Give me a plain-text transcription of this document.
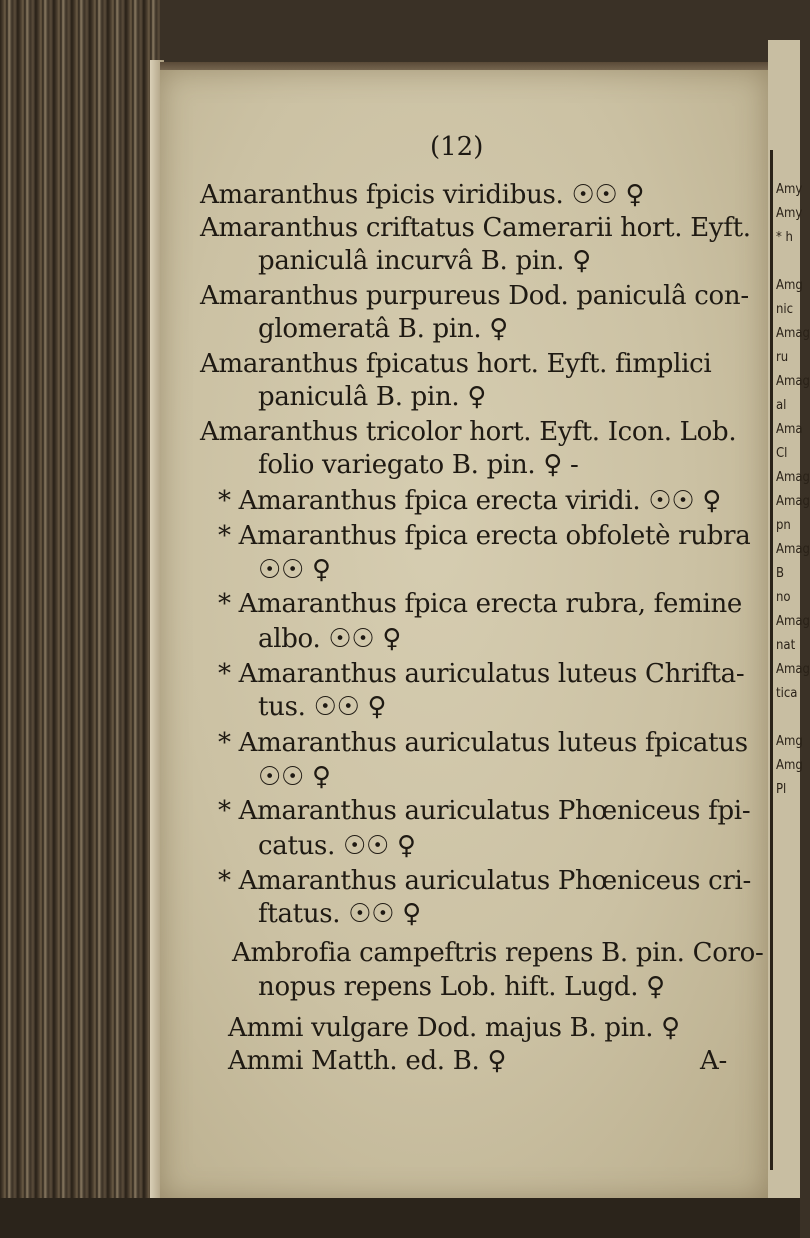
Amy
Amy
* h
Amg
nic
Amag
ru
Amag
al
Ama
Cl
Amag
Amag
pn
Amag
B
no
Amag
nat
Amag
tica
Amg
Amg
Pl
(12)
Amaranthus fpicis viridibus. ☉☉ ♀
Amaranthus criftatus Camerarii hort. Eyft.
paniculâ incurvâ B. pin. ♀
Amaranthus purpureus Dod. paniculâ con-
glomeratâ B. pin. ♀
Amaranthus fpicatus hort. Eyft. fimplici
paniculâ B. pin. ♀
Amaranthus tricolor hort. Eyft. Icon. Lob.
folio variegato B. pin. ♀ -
* Amaranthus fpica erecta viridi. ☉☉ ♀
* Amaranthus fpica erecta obfoletè rubra
☉☉ ♀
* Amaranthus fpica erecta rubra, femine
albo. ☉☉ ♀
* Amaranthus auriculatus luteus Chrifta-
tus. ☉☉ ♀
* Amaranthus auriculatus luteus fpicatus
☉☉ ♀
* Amaranthus auriculatus Phœniceus fpi-
catus. ☉☉ ♀
* Amaranthus auriculatus Phœniceus cri-
ftatus. ☉☉ ♀
Ambrofia campeftris repens B. pin. Coro-
nopus repens Lob. hift. Lugd. ♀
Ammi vulgare Dod. majus B. pin. ♀
Ammi Matth. ed. B. ♀	A-
